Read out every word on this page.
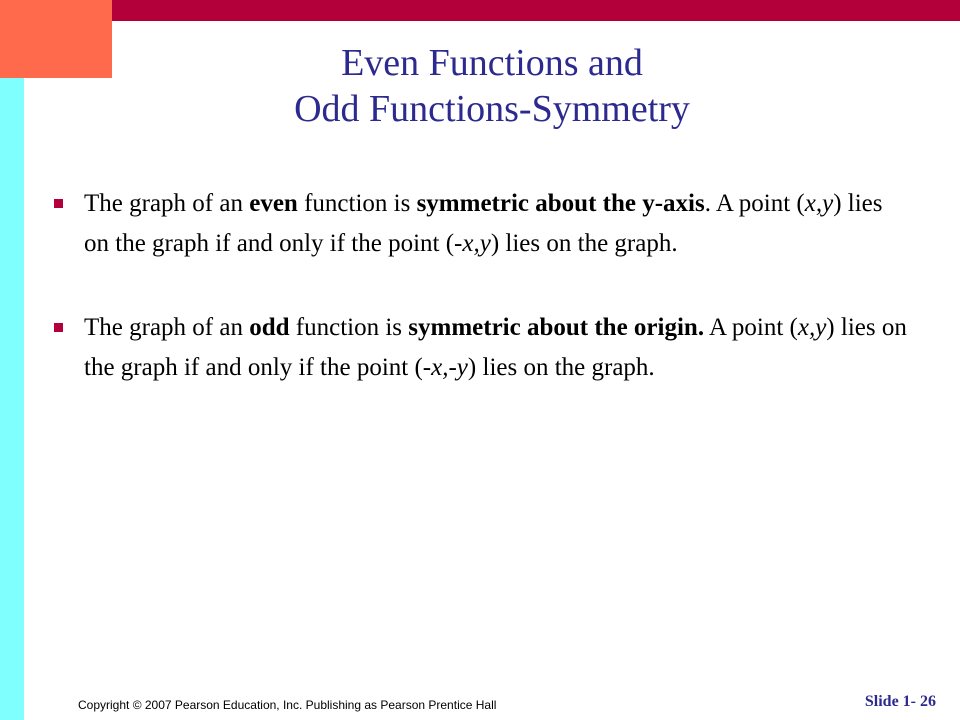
Even Functions and
Odd Functions-Symmetry
The graph of an even function is symmetric about the y-axis. A point (x,y) lies on the graph if and only if the point (-x,y) lies on the graph.
The graph of an odd function is symmetric about the origin. A point (x,y) lies on the graph if and only if the point (-x,-y) lies on the graph.
Copyright © 2007 Pearson Education, Inc. Publishing as Pearson Prentice Hall	Slide 1- 26
